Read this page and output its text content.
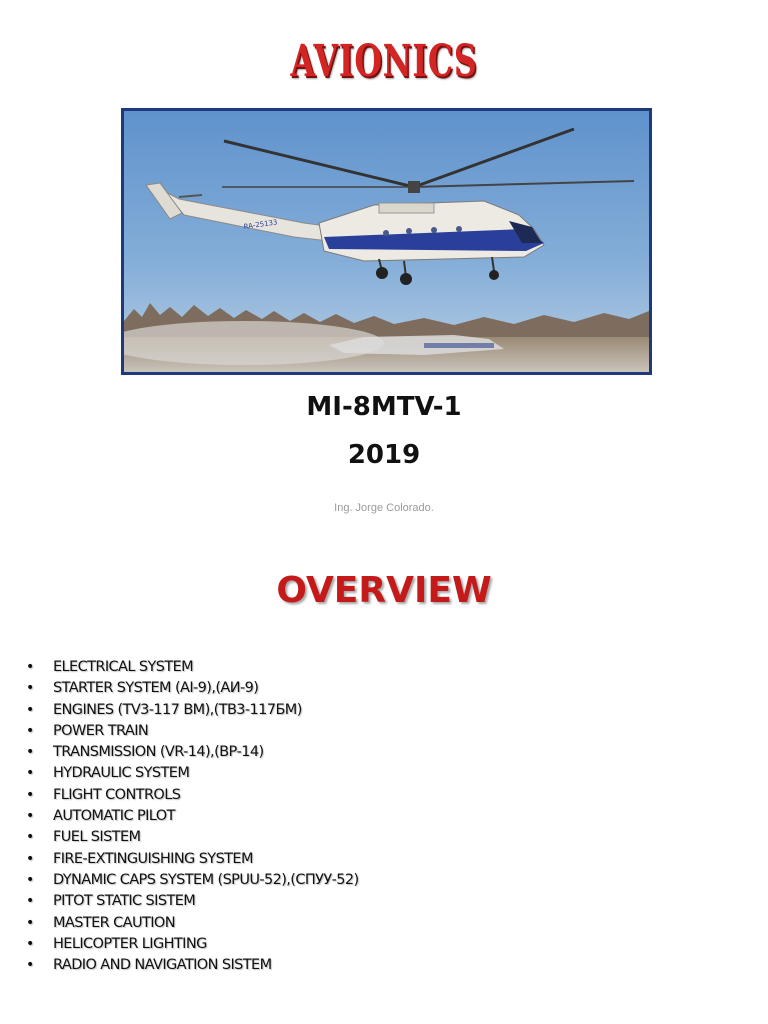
AVIONICS
RA-25133
MI-8MTV-1
2019
Ing. Jorge Colorado.
OVERVIEW
• ELECTRICAL SYSTEM
• STARTER SYSTEM (AI-9),(АИ-9)
• ENGINES (TV3-117 BM),(ТВ3-117БМ)
• POWER TRAIN
• TRANSMISSION (VR-14),(ВР-14)
• HYDRAULIC SYSTEM
• FLIGHT CONTROLS
• AUTOMATIC PILOT
• FUEL SISTEM
• FIRE-EXTINGUISHING SYSTEM
• DYNAMIC CAPS SYSTEM (SPUU-52),(СПУУ-52)
• PITOT STATIC SISTEM
• MASTER CAUTION
• HELICOPTER LIGHTING
• RADIO AND NAVIGATION SISTEM
